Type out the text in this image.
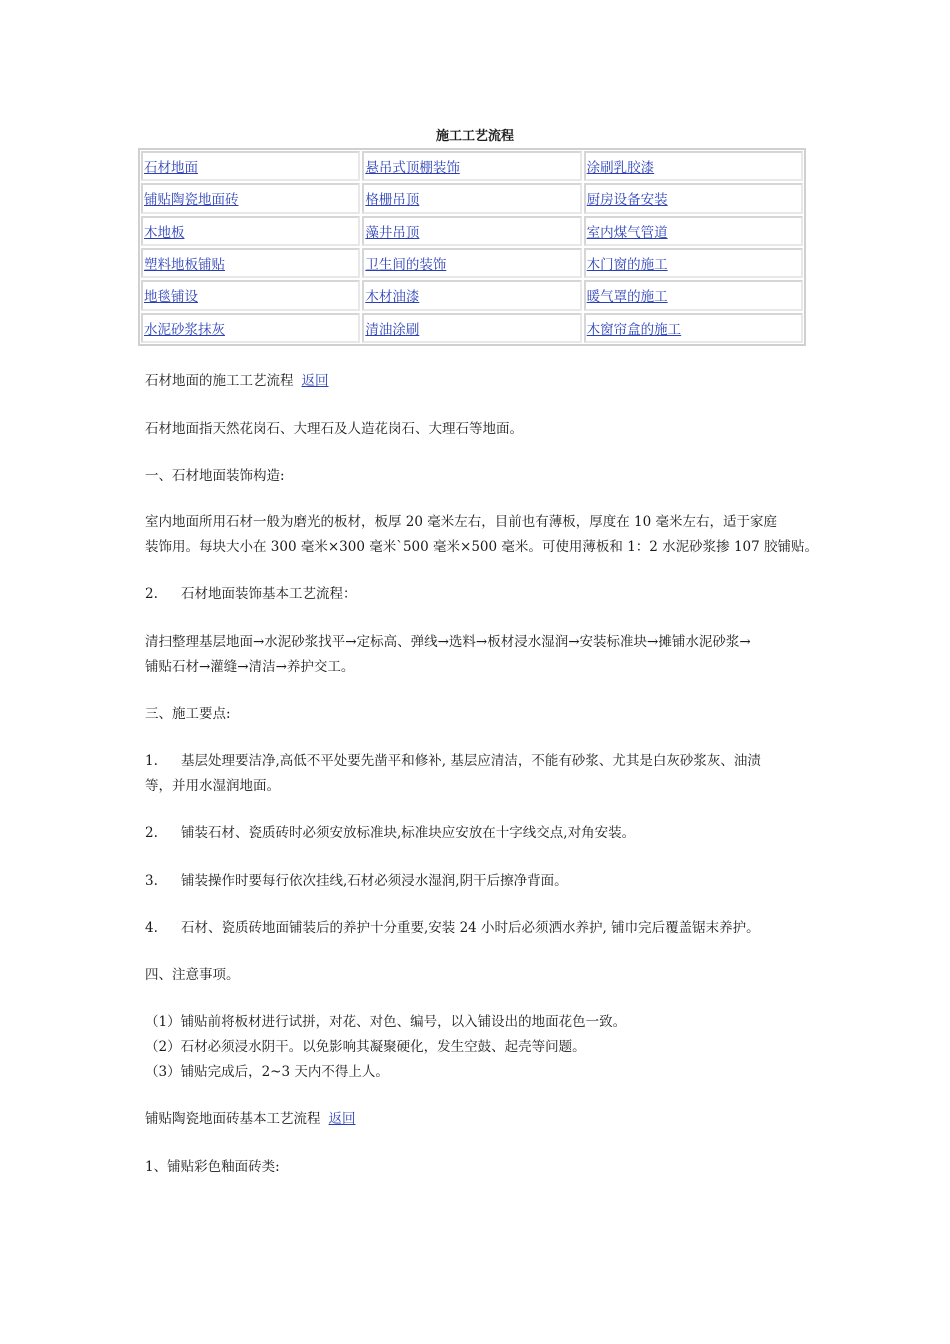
施工工艺流程
石材地面	悬吊式顶棚装饰	涂刷乳胶漆
铺贴陶瓷地面砖	格栅吊顶	厨房设备安装
木地板	藻井吊顶	室内煤气管道
塑料地板铺贴	卫生间的装饰	木门窗的施工
地毯铺设	木材油漆	暖气罩的施工
水泥砂浆抹灰	清油涂刷	木窗帘盒的施工
石材地面的施工工艺流程 返回
石材地面指天然花岗石、大理石及人造花岗石、大理石等地面。
一、石材地面装饰构造:
室内地面所用石材一般为磨光的板材，板厚 20 毫米左右，目前也有薄板，厚度在 10 毫米左右，适于家庭
装饰用。每块大小在 300 毫米×300 毫米`500 毫米×500 毫米。可使用薄板和 1：2 水泥砂浆掺 107 胶铺贴。
2. 石材地面装饰基本工艺流程：
清扫整理基层地面→水泥砂浆找平→定标高、弹线→选料→板材浸水湿润→安装标准块→摊铺水泥砂浆→
铺贴石材→灌缝→清洁→养护交工。
三、施工要点:
1. 基层处理要洁净,高低不平处要先凿平和修补, 基层应清洁，不能有砂浆、尤其是白灰砂浆灰、油渍
等，并用水湿润地面。
2. 铺装石材、瓷质砖时必须安放标准块,标准块应安放在十字线交点,对角安装。
3. 铺装操作时要每行依次挂线,石材必须浸水湿润,阴干后擦净背面。
4. 石材、瓷质砖地面铺装后的养护十分重要,安装 24 小时后必须洒水养护, 铺巾完后覆盖锯末养护。
四、注意事项。
（1）铺贴前将板材进行试拼，对花、对色、编号，以入铺设出的地面花色一致。
（2）石材必须浸水阴干。以免影响其凝聚硬化，发生空鼓、起壳等问题。
（3）铺贴完成后，2~3 天内不得上人。
铺贴陶瓷地面砖基本工艺流程 返回
1、铺贴彩色釉面砖类:
